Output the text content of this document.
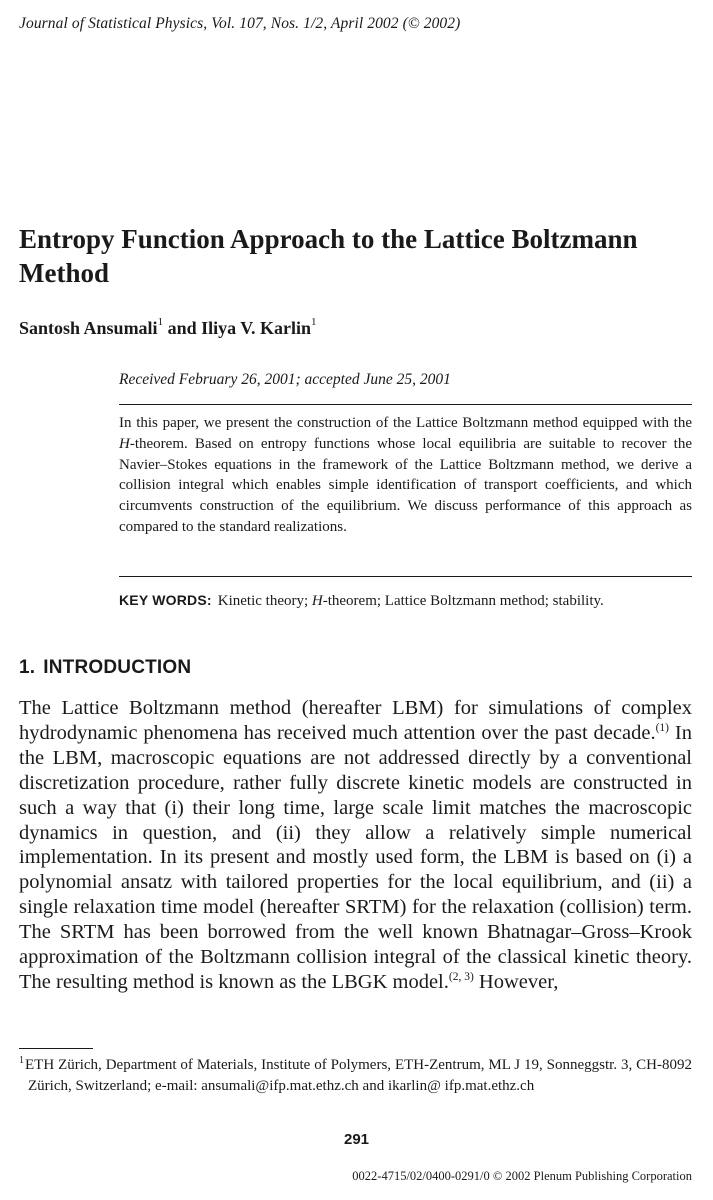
Journal of Statistical Physics, Vol. 107, Nos. 1/2, April 2002 (© 2002)
Entropy Function Approach to the Lattice Boltzmann Method
Santosh Ansumali$^1$ and Iliya V. Karlin$^1$
Received February 26, 2001; accepted June 25, 2001

In this paper, we present the construction of the Lattice Boltzmann method equipped with the H-theorem. Based on entropy functions whose local equilibria are suitable to recover the Navier–Stokes equations in the framework of the Lattice Boltzmann method, we derive a collision integral which enables simple identification of transport coefficients, and which circumvents construction of the equilibrium. We discuss performance of this approach as compared to the standard realizations.

KEY WORDS: Kinetic theory; H-theorem; Lattice Boltzmann method; stability.
1. INTRODUCTION

The Lattice Boltzmann method (hereafter LBM) for simulations of complex hydrodynamic phenomena has received much attention over the past decade.$^{(1)}$ In the LBM, macroscopic equations are not addressed directly by a conventional discretization procedure, rather fully discrete kinetic models are constructed in such a way that (i) their long time, large scale limit matches the macroscopic dynamics in question, and (ii) they allow a relatively simple numerical implementation. In its present and mostly used form, the LBM is based on (i) a polynomial ansatz with tailored properties for the local equilibrium, and (ii) a single relaxation time model (hereafter SRTM) for the relaxation (collision) term. The SRTM has been borrowed from the well known Bhatnagar–Gross–Krook approximation of the Boltzmann collision integral of the classical kinetic theory. The resulting method is known as the LBGK model.$^{(2, 3)}$ However,

$^1$ETH Zürich, Department of Materials, Institute of Polymers, ETH-Zentrum, ML J 19, Sonneggstr. 3, CH-8092 Zürich, Switzerland; e-mail: ansumali@ifp.mat.ethz.ch and ikarlin@ ifp.mat.ethz.ch

291
0022-4715/02/0400-0291/0 © 2002 Plenum Publishing Corporation
